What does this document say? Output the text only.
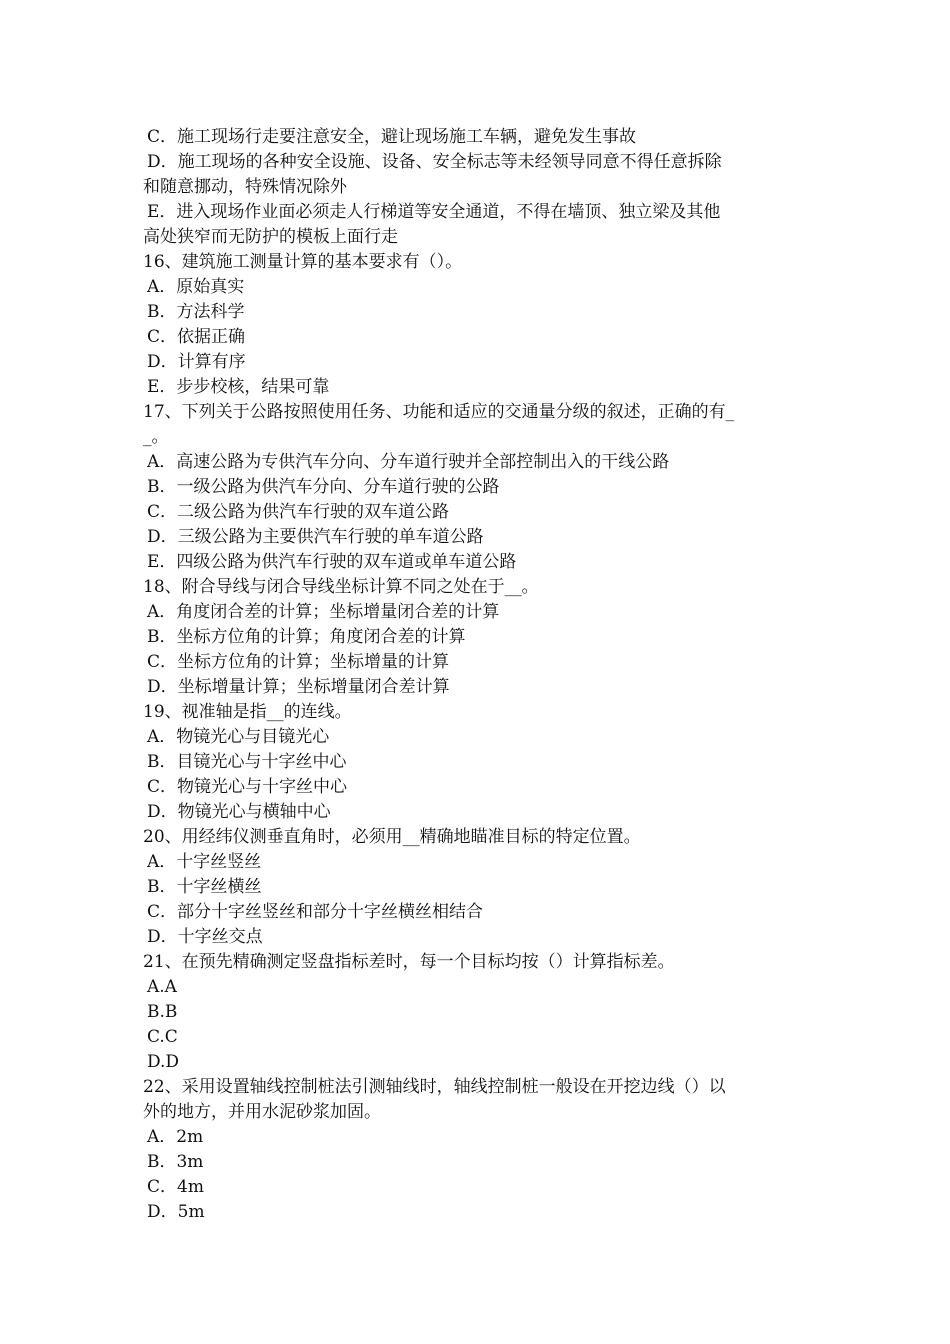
C．施工现场行走要注意安全，避让现场施工车辆，避免发生事故
D．施工现场的各种安全设施、设备、安全标志等未经领导同意不得任意拆除
和随意挪动，特殊情况除外
E．进入现场作业面必须走人行梯道等安全通道，不得在墙顶、独立梁及其他
高处狭窄而无防护的模板上面行走
16、建筑施工测量计算的基本要求有（）。
A．原始真实
B．方法科学
C．依据正确
D．计算有序
E．步步校核，结果可靠
17、下列关于公路按照使用任务、功能和适应的交通量分级的叙述，正确的有_
_。
A．高速公路为专供汽车分向、分车道行驶并全部控制出入的干线公路
B．一级公路为供汽车分向、分车道行驶的公路
C．二级公路为供汽车行驶的双车道公路
D．三级公路为主要供汽车行驶的单车道公路
E．四级公路为供汽车行驶的双车道或单车道公路
18、附合导线与闭合导线坐标计算不同之处在于__。
A．角度闭合差的计算；坐标增量闭合差的计算
B．坐标方位角的计算；角度闭合差的计算
C．坐标方位角的计算；坐标增量的计算
D．坐标增量计算；坐标增量闭合差计算
19、视准轴是指__的连线。
A．物镜光心与目镜光心
B．目镜光心与十字丝中心
C．物镜光心与十字丝中心
D．物镜光心与横轴中心
20、用经纬仪测垂直角时，必须用__精确地瞄准目标的特定位置。
A．十字丝竖丝
B．十字丝横丝
C．部分十字丝竖丝和部分十字丝横丝相结合
D．十字丝交点
21、在预先精确测定竖盘指标差时，每一个目标均按（）计算指标差。
A.A
B.B
C.C
D.D
22、采用设置轴线控制桩法引测轴线时，轴线控制桩一般设在开挖边线（）以
外的地方，并用水泥砂浆加固。
A．2m
B．3m
C．4m
D．5m
